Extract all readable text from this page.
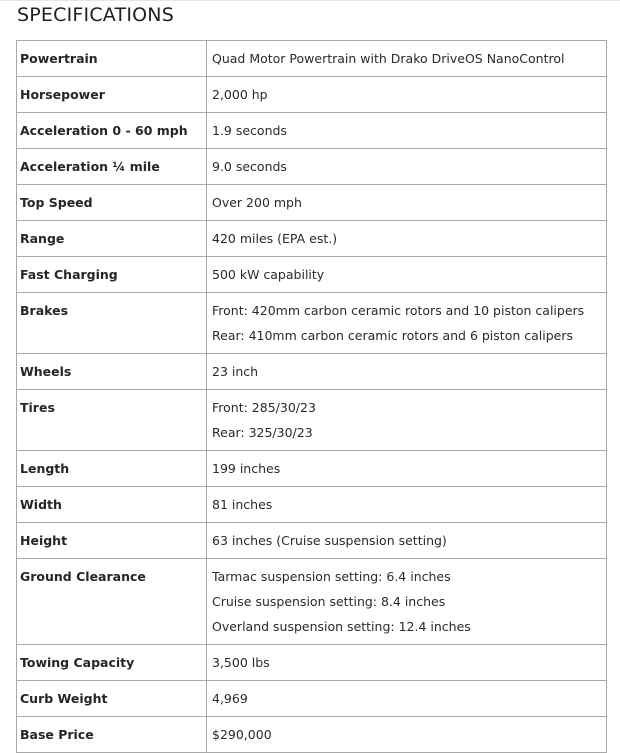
SPECIFICATIONS
Powertrain	Quad Motor Powertrain with Drako DriveOS NanoControl

Horsepower	2,000 hp

Acceleration 0 - 60 mph	1.9 seconds

Acceleration ¼ mile	9.0 seconds

Top Speed	Over 200 mph

Range	420 miles (EPA est.)

Fast Charging	500 kW capability

Brakes	Front: 420mm carbon ceramic rotors and 10 piston calipers
Rear: 410mm carbon ceramic rotors and 6 piston calipers

Wheels	23 inch

Tires	Front: 285/30/23
Rear: 325/30/23

Length	199 inches

Width	81 inches

Height	63 inches (Cruise suspension setting)

Ground Clearance	Tarmac suspension setting: 6.4 inches
Cruise suspension setting: 8.4 inches
Overland suspension setting: 12.4 inches

Towing Capacity	3,500 lbs

Curb Weight	4,969

Base Price	$290,000
